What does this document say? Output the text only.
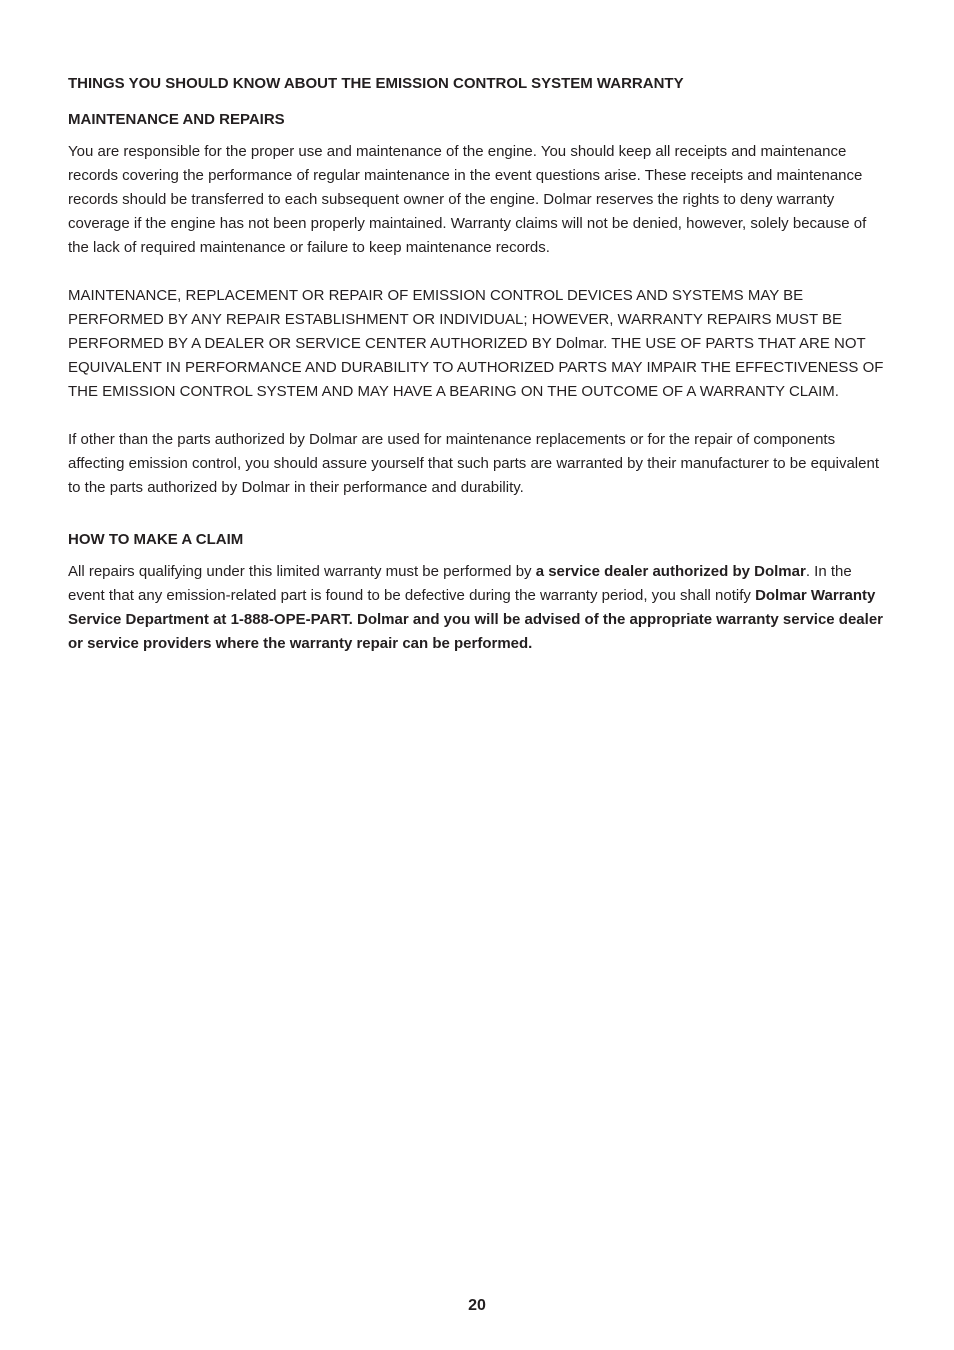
THINGS YOU SHOULD KNOW ABOUT THE EMISSION CONTROL SYSTEM WARRANTY
MAINTENANCE AND REPAIRS

You are responsible for the proper use and maintenance of the engine. You should keep all receipts and maintenance records covering the performance of regular maintenance in the event questions arise. These receipts and maintenance records should be transferred to each subsequent owner of the engine. Dolmar reserves the rights to deny warranty coverage if the engine has not been properly maintained. Warranty claims will not be denied, however, solely because of the lack of required maintenance or failure to keep maintenance records.

MAINTENANCE, REPLACEMENT OR REPAIR OF EMISSION CONTROL DEVICES AND SYSTEMS MAY BE PERFORMED BY ANY REPAIR ESTABLISHMENT OR INDIVIDUAL; HOWEVER, WARRANTY REPAIRS MUST BE PERFORMED BY A DEALER OR SERVICE CENTER AUTHORIZED BY Dolmar. THE USE OF PARTS THAT ARE NOT EQUIVALENT IN PERFORMANCE AND DURABILITY TO AUTHORIZED PARTS MAY IMPAIR THE EFFECTIVENESS OF THE EMISSION CONTROL SYSTEM AND MAY HAVE A BEARING ON THE OUTCOME OF A WARRANTY CLAIM.

If other than the parts authorized by Dolmar are used for maintenance replacements or for the repair of components affecting emission control, you should assure yourself that such parts are warranted by their manufacturer to be equivalent to the parts authorized by Dolmar in their performance and durability.

HOW TO MAKE A CLAIM

All repairs qualifying under this limited warranty must be performed by a service dealer authorized by Dolmar. In the event that any emission-related part is found to be defective during the warranty period, you shall notify Dolmar Warranty Service Department at 1-888-OPE-PART. Dolmar and you will be advised of the appropriate warranty service dealer or service providers where the warranty repair can be performed.

20
